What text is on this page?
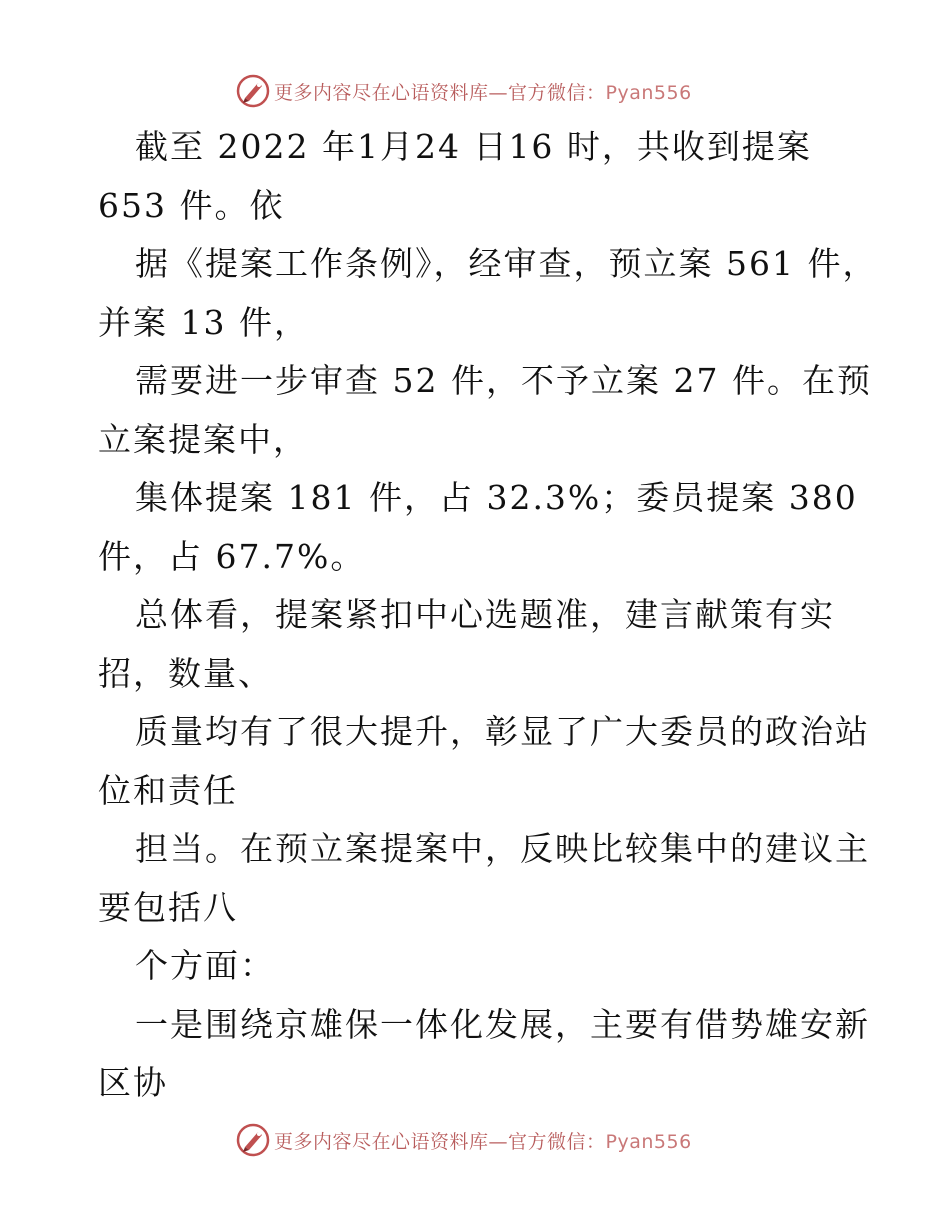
更多内容尽在心语资料库—官方微信：Pyan556
截至 2022 年1月24 日16 时，共收到提案
653 件。依
据《提案工作条例》，经审查，预立案 561 件，
并案 13 件，
需要进一步审查 52 件，不予立案 27 件。在预
立案提案中，
集体提案 181 件，占 32.3%；委员提案 380
件，占 67.7%。
总体看，提案紧扣中心选题准，建言献策有实
招，数量、
质量均有了很大提升，彰显了广大委员的政治站
位和责任
担当。在预立案提案中，反映比较集中的建议主
要包括八
个方面：
一是围绕京雄保一体化发展，主要有借势雄安新
区协
更多内容尽在心语资料库—官方微信：Pyan556
